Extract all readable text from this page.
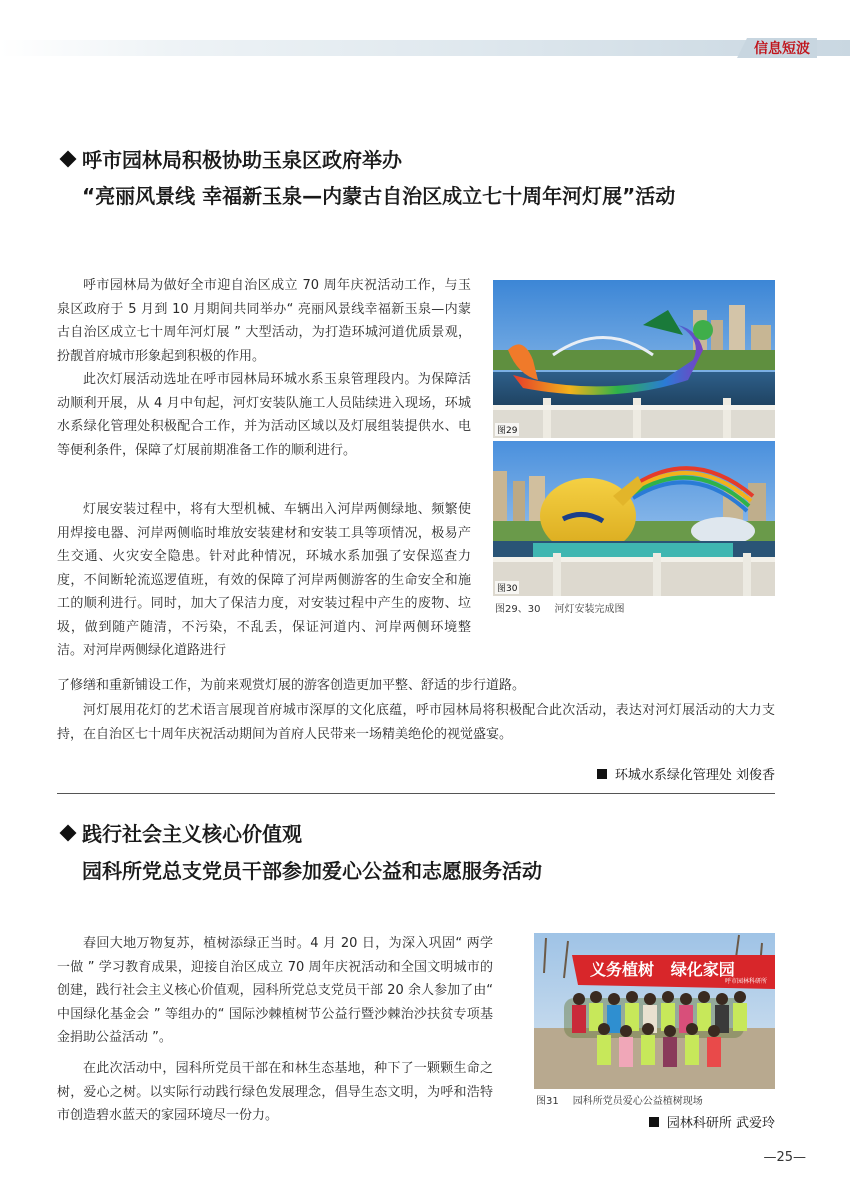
信息短波
呼市园林局积极协助玉泉区政府举办
“亮丽风景线 幸福新玉泉—内蒙古自治区成立七十周年河灯展”活动

呼市园林局为做好全市迎自治区成立 70 周年庆祝活动工作，与玉泉区政府于 5 月到 10 月期间共同举办“ 亮丽风景线幸福新玉泉—内蒙古自治区成立七十周年河灯展 ” 大型活动，为打造环城河道优质景观，扮靓首府城市形象起到积极的作用。

此次灯展活动选址在呼市园林局环城水系玉泉管理段内。为保障活动顺利开展，从 4 月中旬起，河灯安装队施工人员陆续进入现场，环城水系绿化管理处积极配合工作，并为活动区域以及灯展组装提供水、电等便利条件，保障了灯展前期准备工作的顺利进行。

灯展安装过程中，将有大型机械、车辆出入河岸两侧绿地、频繁使用焊接电器、河岸两侧临时堆放安装建材和安装工具等项情况，极易产生交通、火灾安全隐患。针对此种情况，环城水系加强了安保巡查力度，不间断轮流巡逻值班，有效的保障了河岸两侧游客的生命安全和施工的顺利进行。同时，加大了保洁力度，对安装过程中产生的废物、垃圾，做到随产随清，不污染，不乱丢，保证河道内、河岸两侧环境整洁。对河岸两侧绿化道路进行

了修缮和重新铺设工作，为前来观赏灯展的游客创造更加平整、舒适的步行道路。

河灯展用花灯的艺术语言展现首府城市深厚的文化底蕴，呼市园林局将积极配合此次活动，表达对河灯展活动的大力支持，在自治区七十周年庆祝活动期间为首府人民带来一场精美绝伦的视觉盛宴。

图29
图30
图29、30 河灯安装完成图
环城水系绿化管理处 刘俊香
践行社会主义核心价值观
园科所党总支党员干部参加爱心公益和志愿服务活动

春回大地万物复苏，植树添绿正当时。4 月 20 日，为深入巩固“ 两学一做 ” 学习教育成果，迎接自治区成立 70 周年庆祝活动和全国文明城市的创建，践行社会主义核心价值观，园科所党总支党员干部 20 余人参加了由“ 中国绿化基金会 ” 等组办的“ 国际沙棘植树节公益行暨沙棘治沙扶贫专项基金捐助公益活动 ”。

在此次活动中，园科所党员干部在和林生态基地，种下了一颗颗生命之树，爱心之树。以实际行动践行绿色发展理念，倡导生态文明，为呼和浩特市创造碧水蓝天的家园环境尽一份力。

义务植树   绿化家园
呼市园林科研所
图31 园科所党员爱心公益植树现场
园林科研所 武爱玲
—25—
